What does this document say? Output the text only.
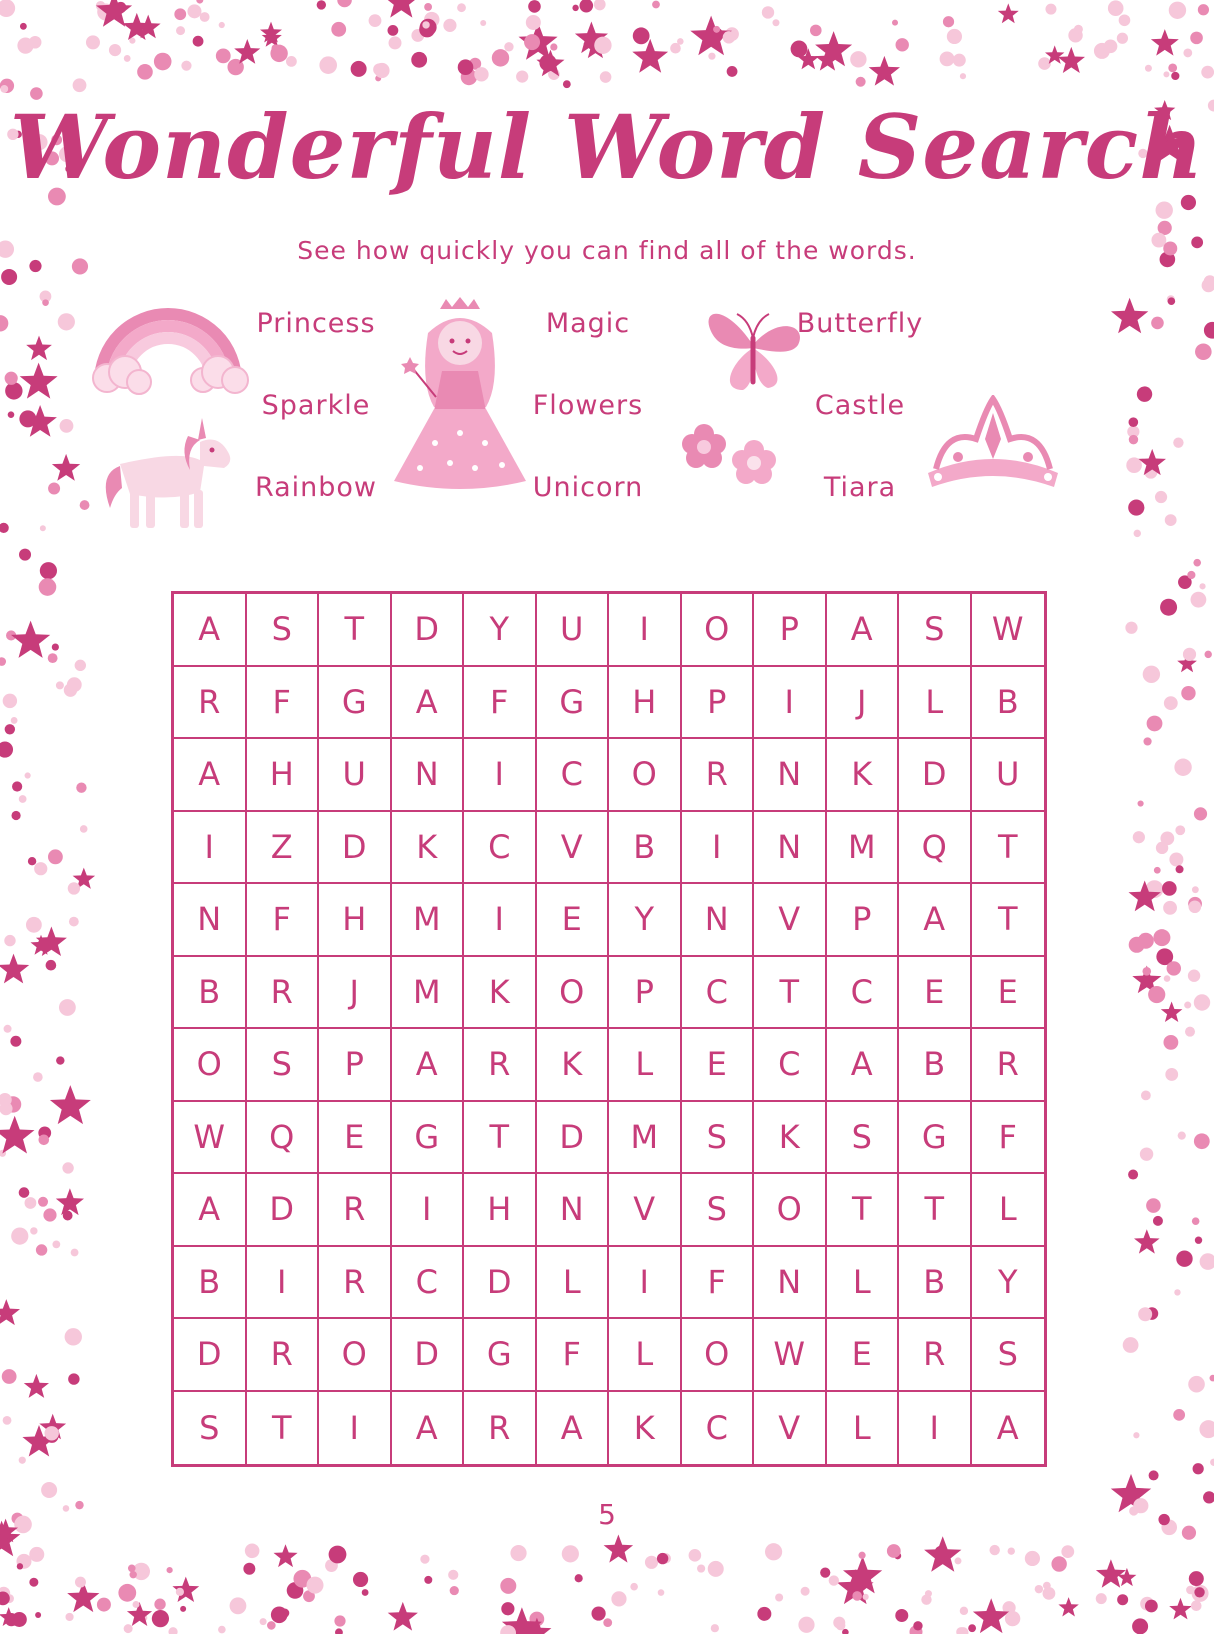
Wonderful Word Search
See how quickly you can find all of the words.
Princess	Magic	Butterfly
Sparkle	Flowers	Castle
Rainbow	Unicorn	Tiara
A	S	T	D	Y	U	I	O	P	A	S	W
R	F	G	A	F	G	H	P	I	J	L	B
A	H	U	N	I	C	O	R	N	K	D	U
I	Z	D	K	C	V	B	I	N	M	Q	T
N	F	H	M	I	E	Y	N	V	P	A	T
B	R	J	M	K	O	P	C	T	C	E	E
O	S	P	A	R	K	L	E	C	A	B	R
W	Q	E	G	T	D	M	S	K	S	G	F
A	D	R	I	H	N	V	S	O	T	T	L
B	I	R	C	D	L	I	F	N	L	B	Y
D	R	O	D	G	F	L	O	W	E	R	S
S	T	I	A	R	A	K	C	V	L	I	A
5
